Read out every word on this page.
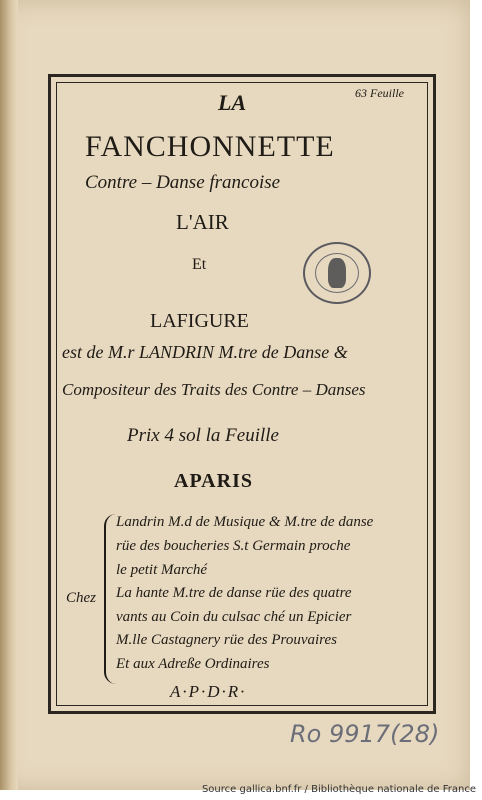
63 Feuille
LA
FANCHONNETTE
Contre – Danse francoise
L'AIR
Et
LAFIGURE
est de M.r LANDRIN M.tre de Danse &
Compositeur des Traits des Contre – Danses
Prix 4 sol la Feuille
APARIS
Chez
Landrin M.d de Musique & M.tre de danse
rüe des boucheries S.t Germain proche
le petit Marché
La hante M.tre de danse rüe des quatre
vants au Coin du culsac ché un Epicier
M.lle Castagnery rüe des Prouvaires
Et aux Adreße Ordinaires
A·P·D·R·
Ro 9917(28)
Source gallica.bnf.fr / Bibliothèque nationale de France
